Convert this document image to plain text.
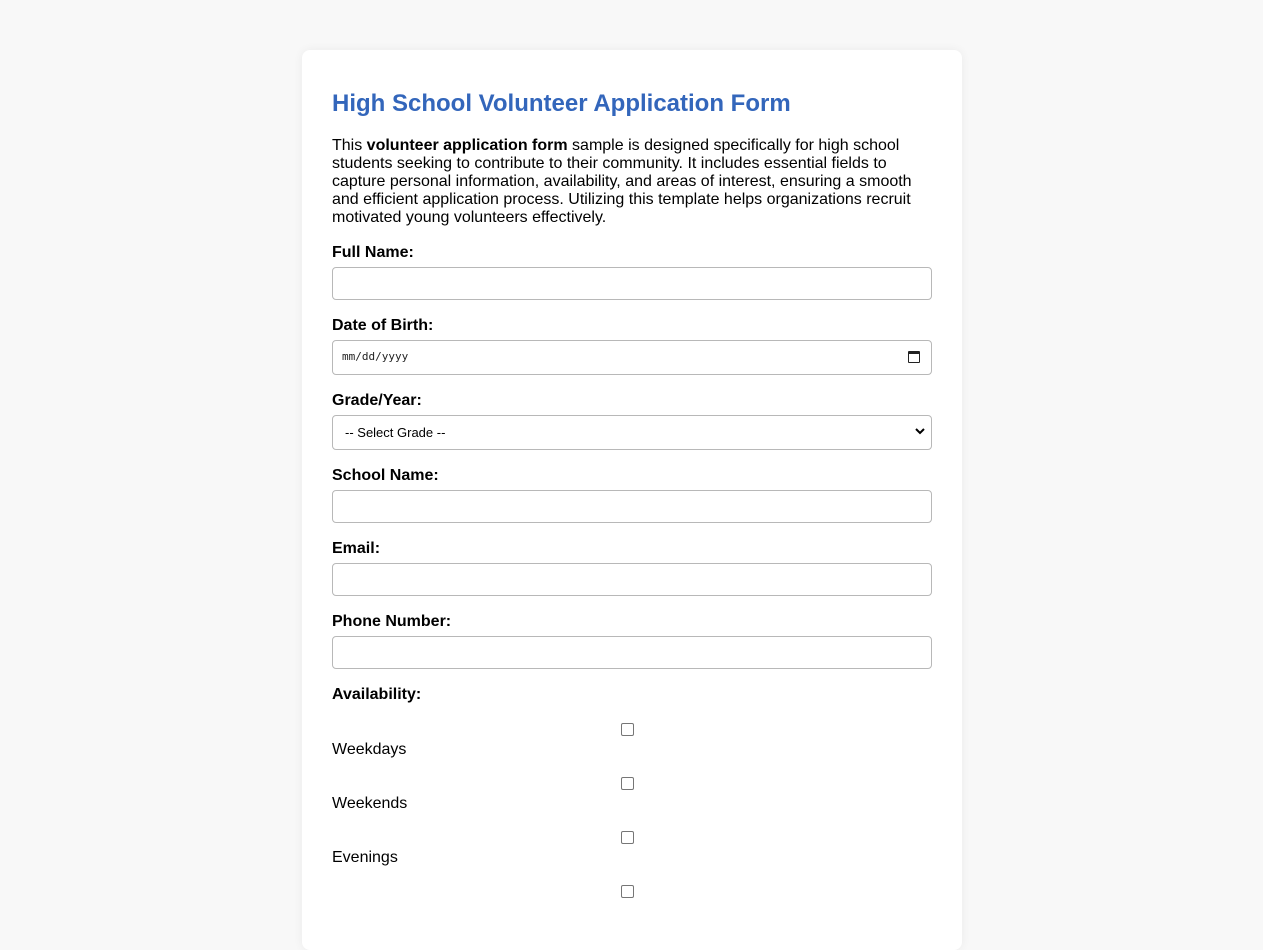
High School Volunteer Application Form

This volunteer application form sample is designed specifically for high school students seeking to contribute to their community. It includes essential fields to capture personal information, availability, and areas of interest, ensuring a smooth and efficient application process. Utilizing this template helps organizations recruit motivated young volunteers effectively.

Full Name:
Date of Birth:
mm/dd/yyyy
Grade/Year:
-- Select Grade --
School Name:
Email:
Phone Number:
Availability:
Weekdays
Weekends
Evenings
